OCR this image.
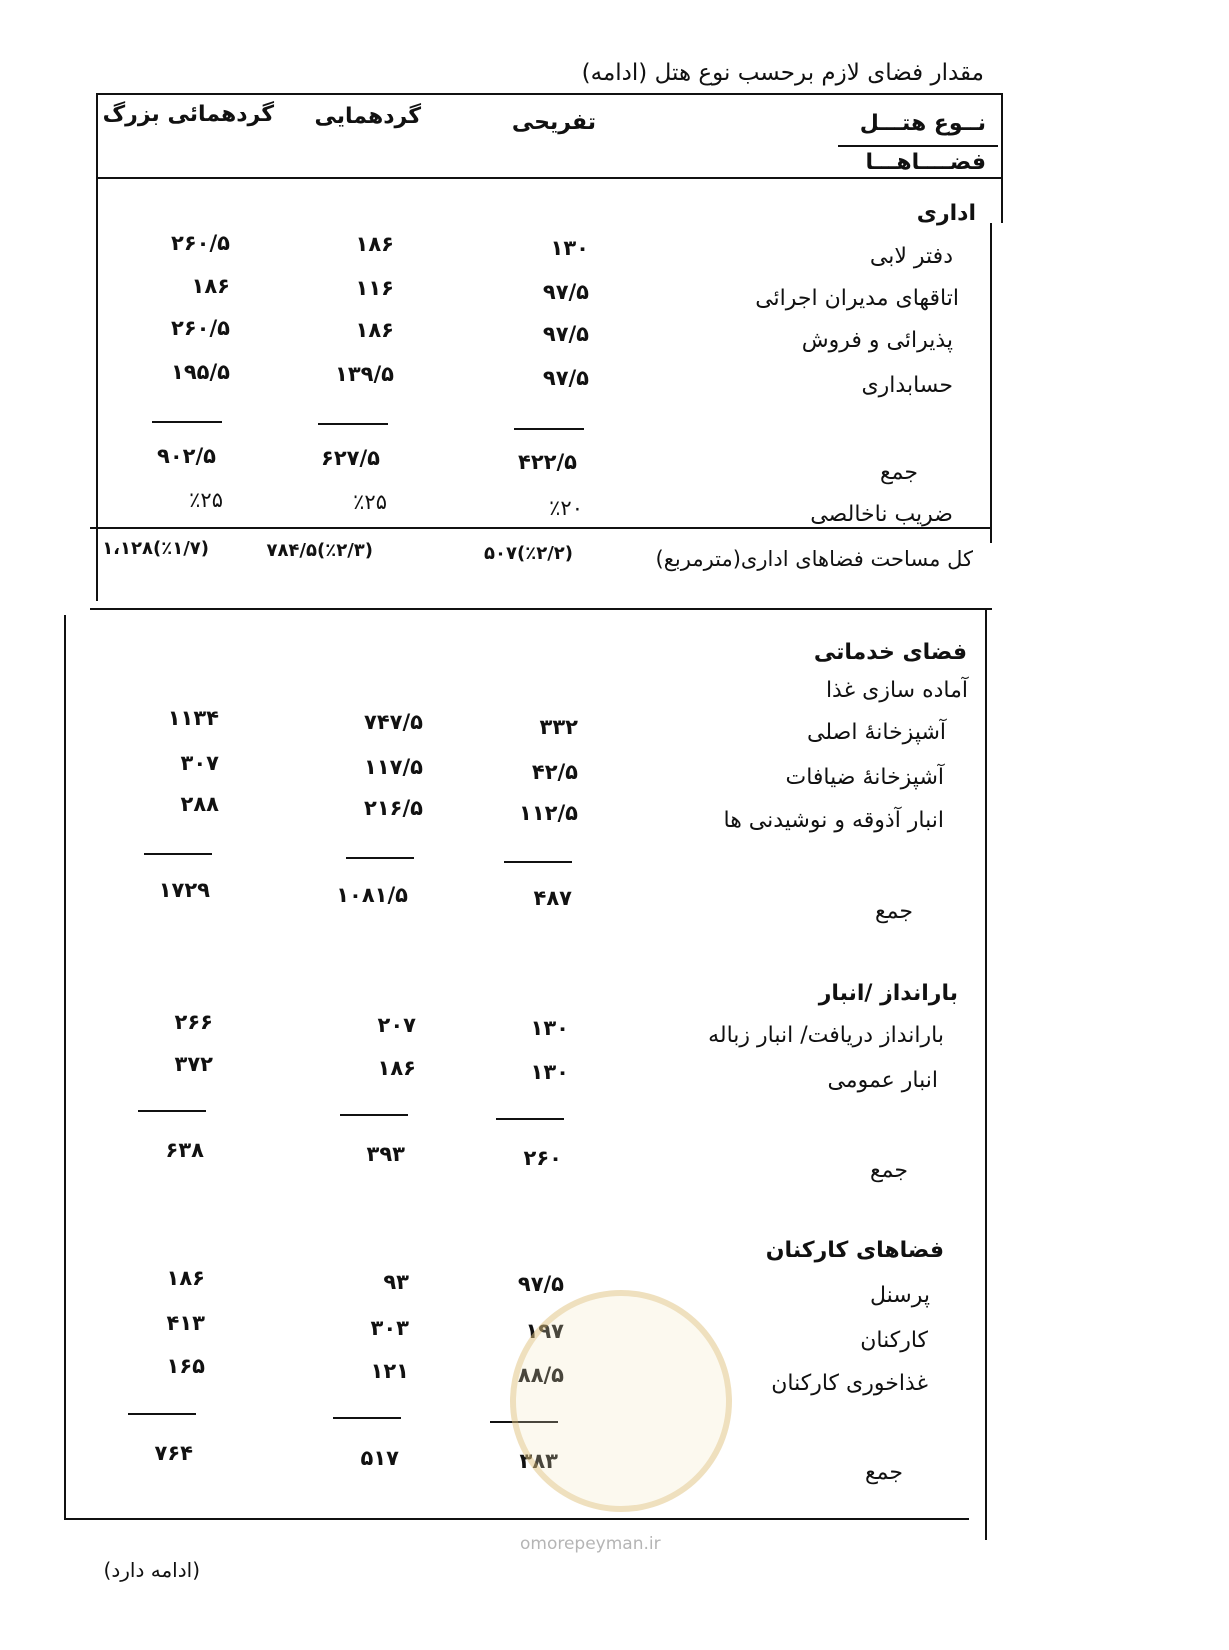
مقدار فضای لازم برحسب نوع هتل (ادامه)
نــوع هتـــل
فضــــاهـــا
تفریحی
گردهمایی
گردهمائی بزرگ
اداری
دفتر لابی
۱۳۰
۱۸۶
۲۶۰/۵
اتاقهای مدیران اجرائی
۹۷/۵
۱۱۶
۱۸۶
پذیرائی و فروش
۹۷/۵
۱۸۶
۲۶۰/۵
حسابداری
۹۷/۵
۱۳۹/۵
۱۹۵/۵
جمع
۴۲۲/۵
۶۲۷/۵
۹۰۲/۵
ضریب ناخالصی
٪۲۰
٪۲۵
٪۲۵
کل مساحت فضاهای اداری(مترمربع)
(٪۲/۲)۵۰۷
(٪۲/۳)۷۸۴/۵
(٪۱/۷)۱،۱۲۸
فضای خدماتی
آماده سازی غذا
آشپزخانهٔ اصلی
۳۳۲
۷۴۷/۵
۱۱۳۴
آشپزخانهٔ ضیافات
۴۲/۵
۱۱۷/۵
۳۰۷
انبار آذوقه و نوشیدنی ها
۱۱۲/۵
۲۱۶/۵
۲۸۸
جمع
۴۸۷
۱۰۸۱/۵
۱۷۲۹
بارانداز /انبار
بارانداز دریافت/ انبار زباله
۱۳۰
۲۰۷
۲۶۶
انبار عمومی
۱۳۰
۱۸۶
۳۷۲
جمع
۲۶۰
۳۹۳
۶۳۸
فضاهای کارکنان
پرسنل
۹۷/۵
۹۳
۱۸۶
کارکنان
۱۹۷
۳۰۳
۴۱۳
غذاخوری کارکنان
۸۸/۵
۱۲۱
۱۶۵
جمع
۳۸۳
۵۱۷
۷۶۴
omorepeyman.ir
(ادامه دارد)
